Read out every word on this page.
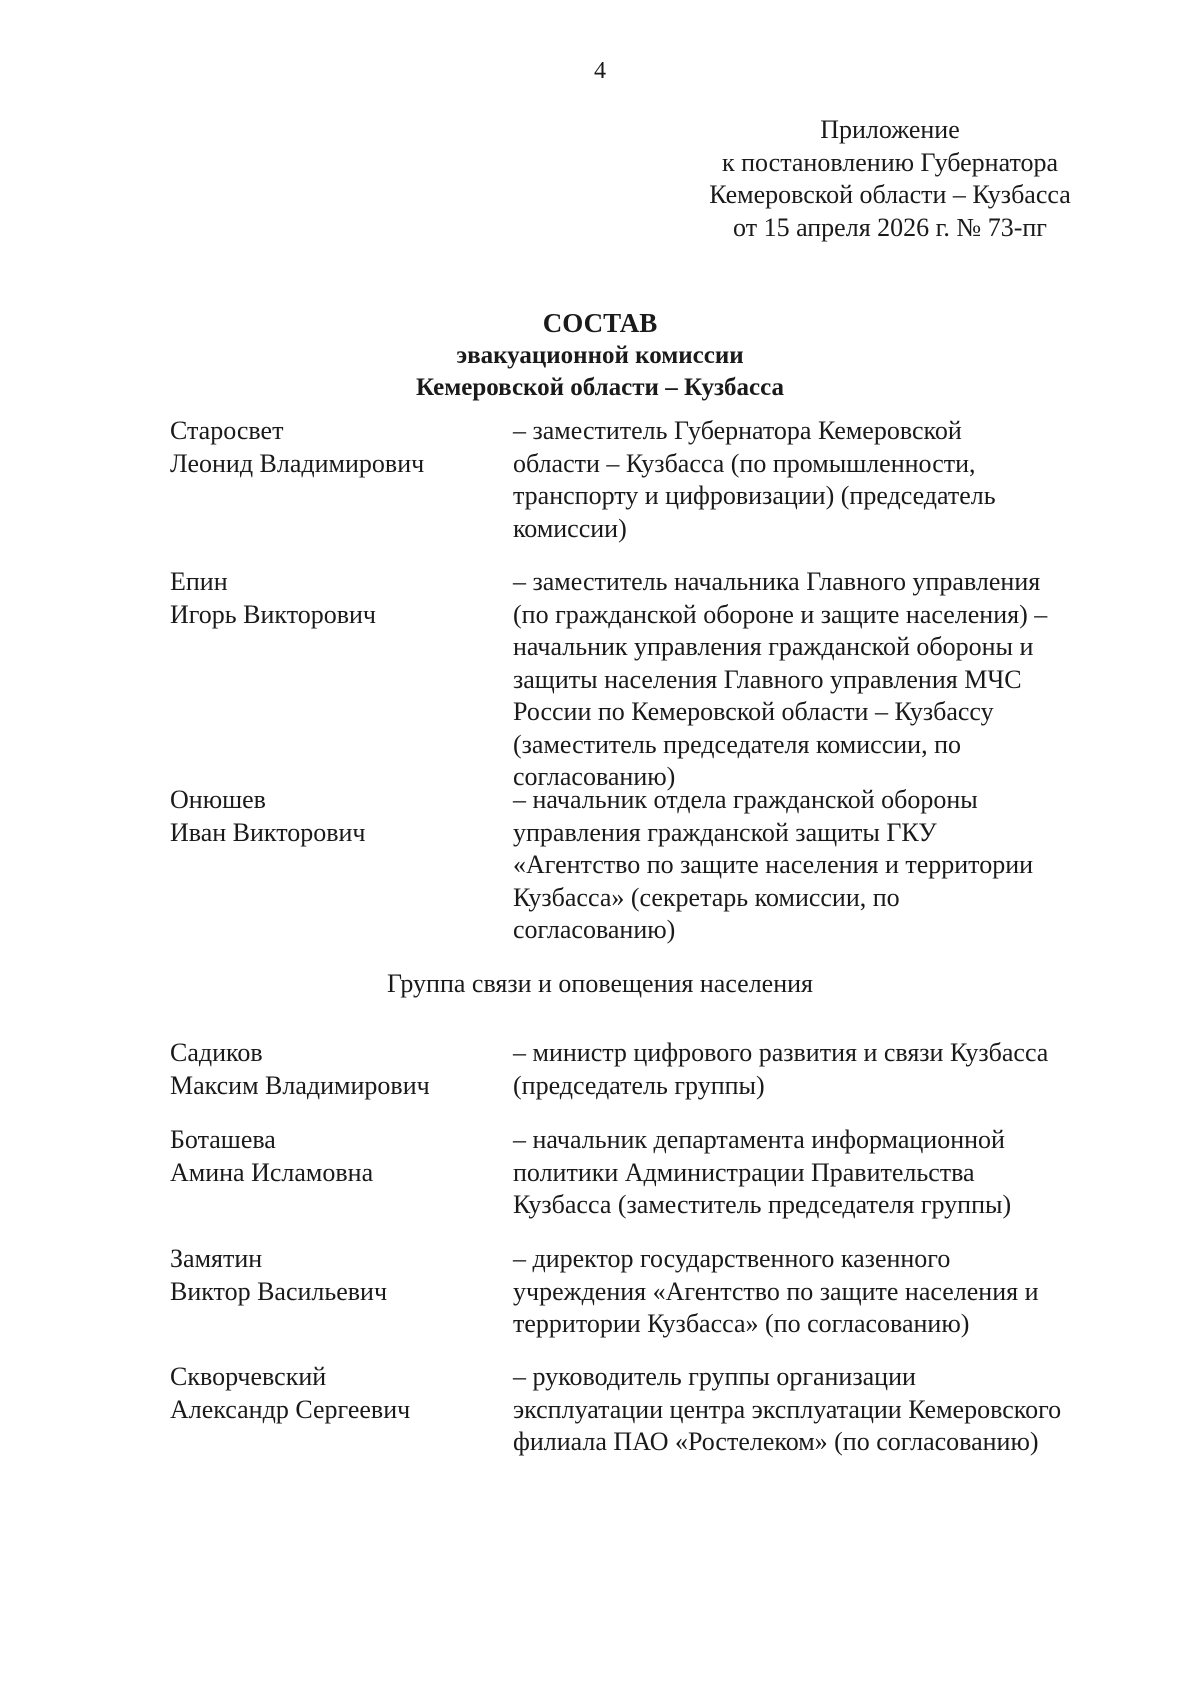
4
Приложение
к постановлению Губернатора
Кемеровской области – Кузбасса
от 15 апреля 2026 г. № 73-пг
СОСТАВ
эвакуационной комиссии
Кемеровской области – Кузбасса
Старосвет
Леонид Владимирович
– заместитель Губернатора Кемеровской
области – Кузбасса (по промышленности,
транспорту и цифровизации) (председатель
комиссии)
Епин
Игорь Викторович
– заместитель начальника Главного управления
(по гражданской обороне и защите населения) –
начальник управления гражданской обороны и
защиты населения Главного управления МЧС
России по Кемеровской области – Кузбассу
(заместитель председателя комиссии, по
согласованию)
Онюшев
Иван Викторович
– начальник отдела гражданской обороны
управления гражданской защиты ГКУ
«Агентство по защите населения и территории
Кузбасса» (секретарь комиссии, по
согласованию)
Группа связи и оповещения населения
Садиков
Максим Владимирович
– министр цифрового развития и связи Кузбасса
(председатель группы)
Боташева
Амина Исламовна
– начальник департамента информационной
политики Администрации Правительства
Кузбасса (заместитель председателя группы)
Замятин
Виктор Васильевич
– директор государственного казенного
учреждения «Агентство по защите населения и
территории Кузбасса» (по согласованию)
Скворчевский
Александр Сергеевич
– руководитель группы организации
эксплуатации центра эксплуатации Кемеровского
филиала ПАО «Ростелеком» (по согласованию)
